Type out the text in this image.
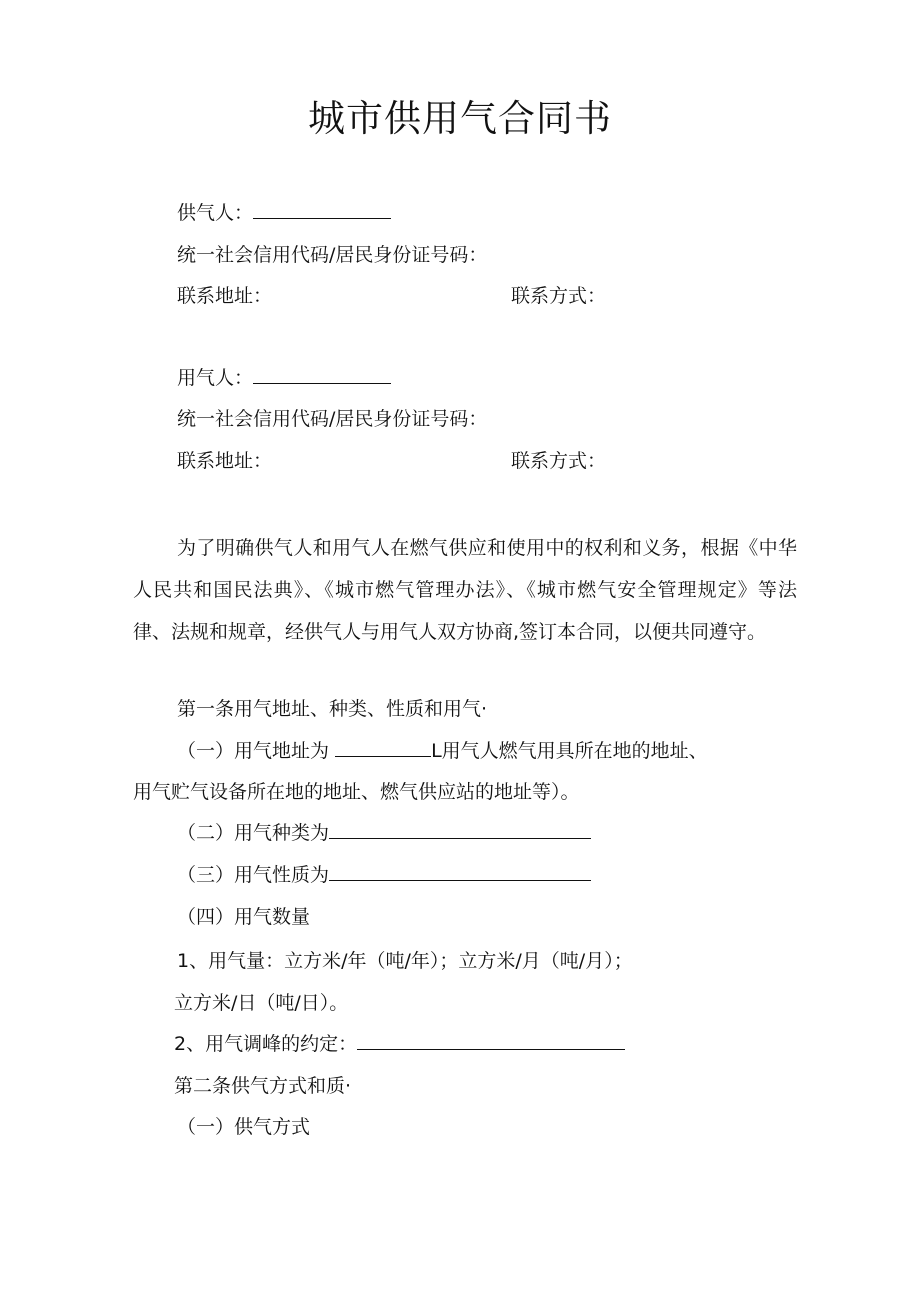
城市供用气合同书

供气人：

统一社会信用代码/居民身份证号码：

联系地址：	联系方式：

用气人：

统一社会信用代码/居民身份证号码：

联系地址：	联系方式：

为了明确供气人和用气人在燃气供应和使用中的权利和义务，根据《中华人民共和国民法典》、《城市燃气管理办法》、《城市燃气安全管理规定》等法律、法规和规章，经供气人与用气人双方协商,签订本合同，以便共同遵守。

第一条用气地址、种类、性质和用气·

（一）用气地址为	L用气人燃气用具所在地的地址、

用气贮气设备所在地的地址、燃气供应站的地址等）。

（二）用气种类为

（三）用气性质为

（四）用气数量

1、用气量：立方米/年（吨/年）；立方米/月（吨/月）；

立方米/日（吨/日）。

2、用气调峰的约定：

第二条供气方式和质·

（一）供气方式
